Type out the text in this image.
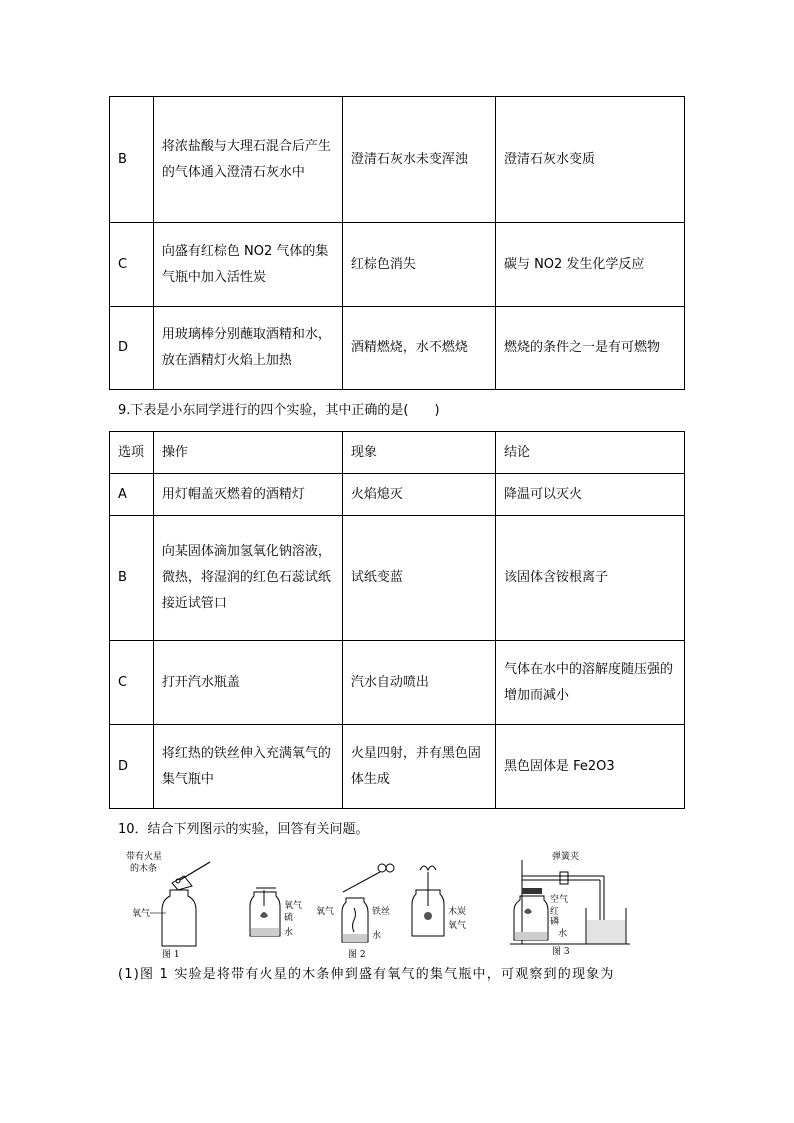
B	将浓盐酸与大理石混合后产生的气体通入澄清石灰水中	澄清石灰水未变浑浊	澄清石灰水变质
C	向盛有红棕色 NO2 气体的集气瓶中加入活性炭	红棕色消失	碳与 NO2 发生化学反应
D	用玻璃棒分别蘸取酒精和水，放在酒精灯火焰上加热	酒精燃烧，水不燃烧	燃烧的条件之一是有可燃物
9.下表是小东同学进行的四个实验，其中正确的是(　　)
选项	操作	现象	结论
A	用灯帽盖灭燃着的酒精灯	火焰熄灭	降温可以灭火
B	向某固体滴加氢氧化钠溶液，微热，将湿润的红色石蕊试纸接近试管口	试纸变蓝	该固体含铵根离子
C	打开汽水瓶盖	汽水自动喷出	气体在水中的溶解度随压强的增加而减小
D	将红热的铁丝伸入充满氧气的集气瓶中	火星四射，并有黑色固体生成	黑色固体是 Fe2O3
10．结合下列图示的实验，回答有关问题。
带有火星
的木条
氧气
图 1
氧气
硫
水
氧气	铁丝
水
图 2
木炭
氧气
弹簧夹
空气
红
磷
水
图 3
(1)图 1 实验是将带有火星的木条伸到盛有氧气的集气瓶中，可观察到的现象为
